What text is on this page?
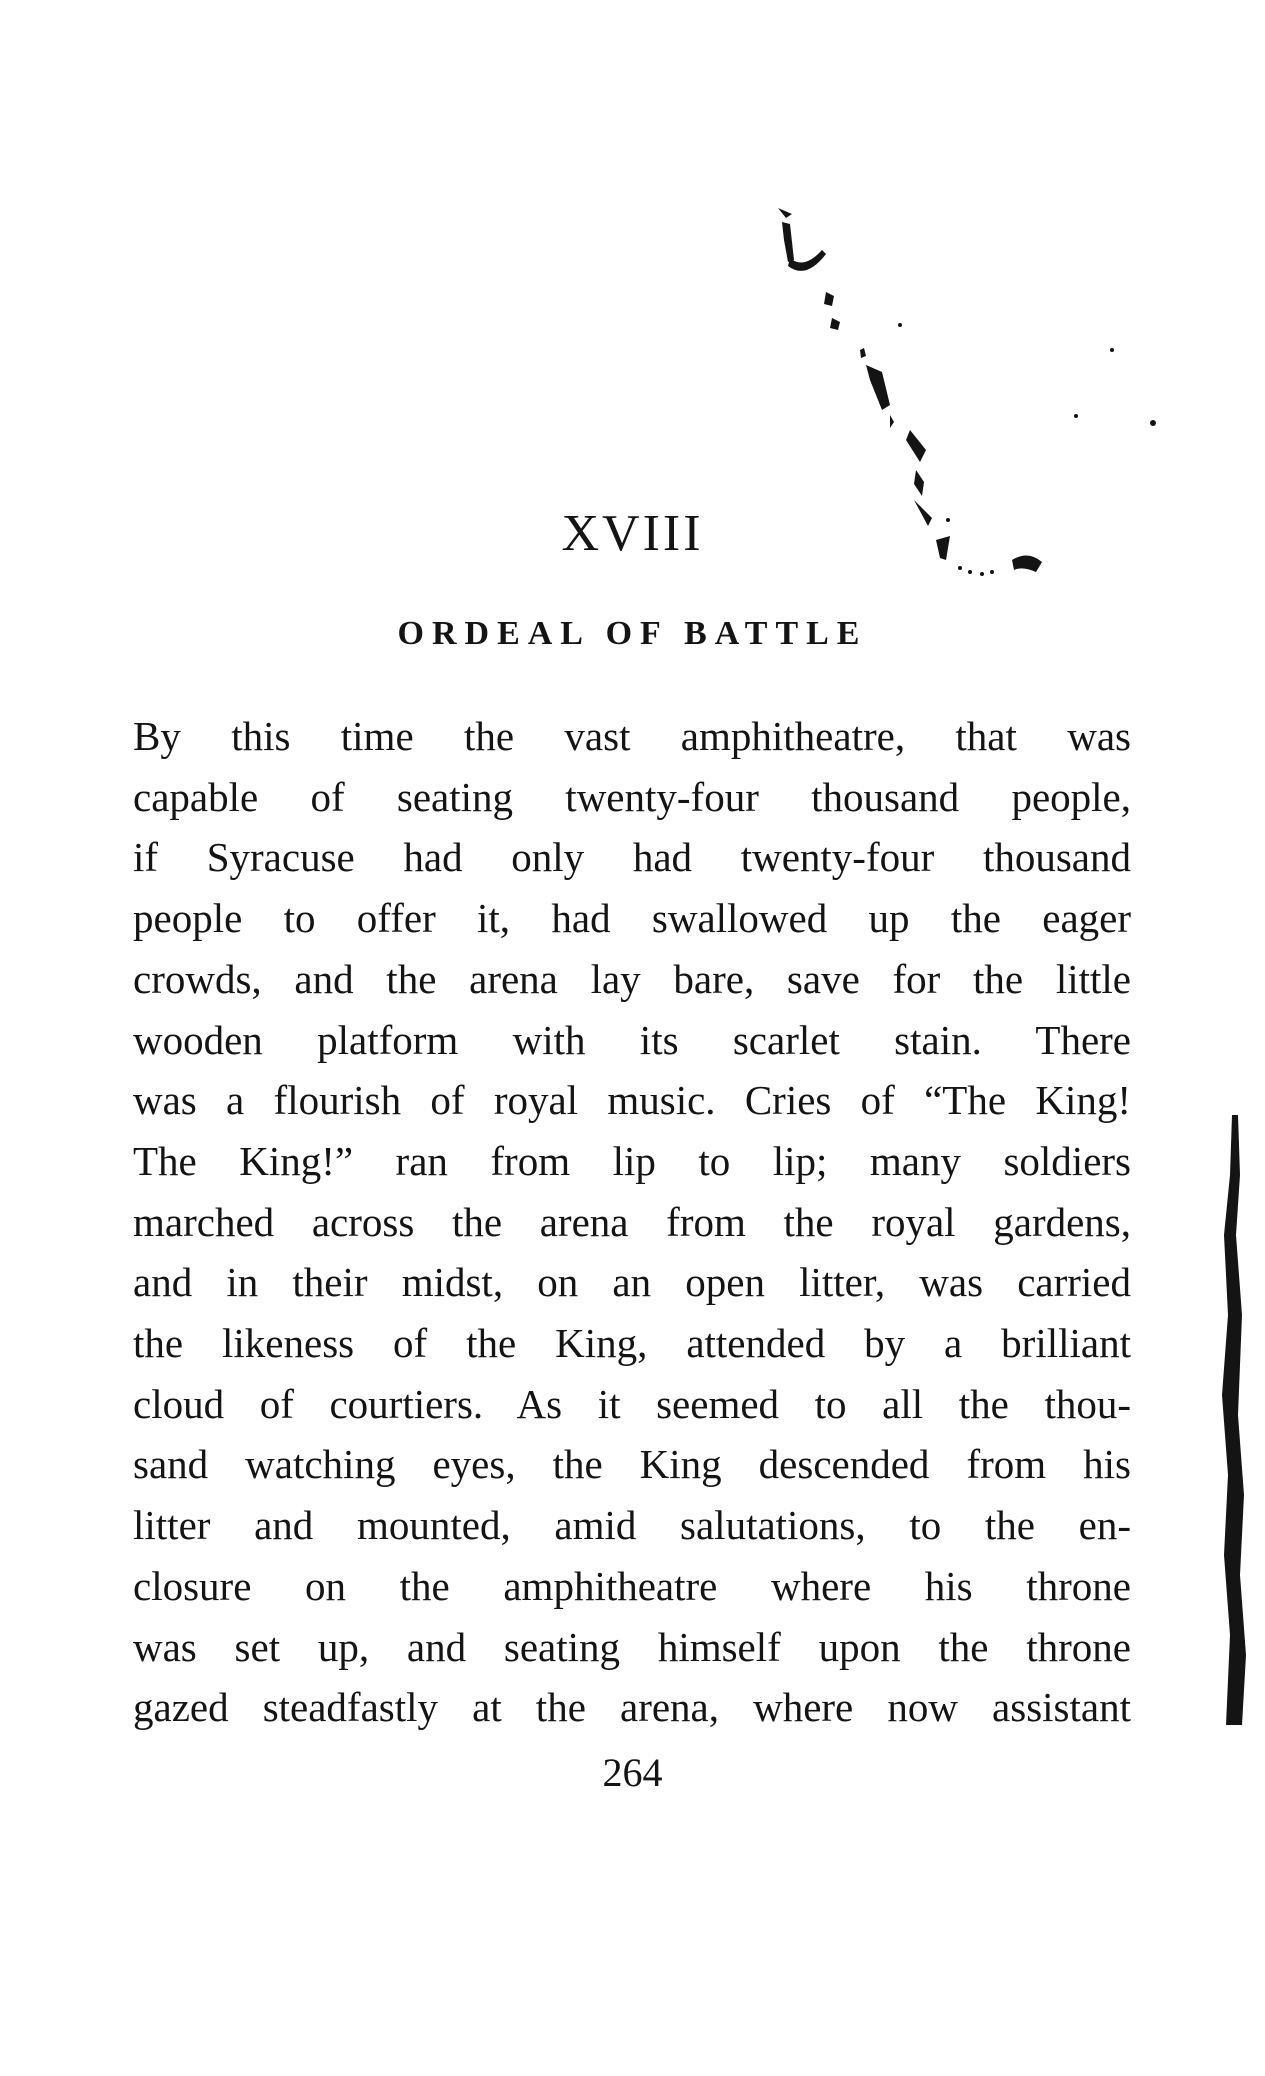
XVIII
ORDEAL OF BATTLE

By this time the vast amphitheatre, that was
capable of seating twenty-four thousand people,
if Syracuse had only had twenty-four thousand
people to offer it, had swallowed up the eager
crowds, and the arena lay bare, save for the little
wooden platform with its scarlet stain. There
was a flourish of royal music. Cries of “The King!
The King!” ran from lip to lip; many soldiers
marched across the arena from the royal gardens,
and in their midst, on an open litter, was carried
the likeness of the King, attended by a brilliant
cloud of courtiers. As it seemed to all the thou-
sand watching eyes, the King descended from his
litter and mounted, amid salutations, to the en-
closure on the amphitheatre where his throne
was set up, and seating himself upon the throne
gazed steadfastly at the arena, where now assistant

264
